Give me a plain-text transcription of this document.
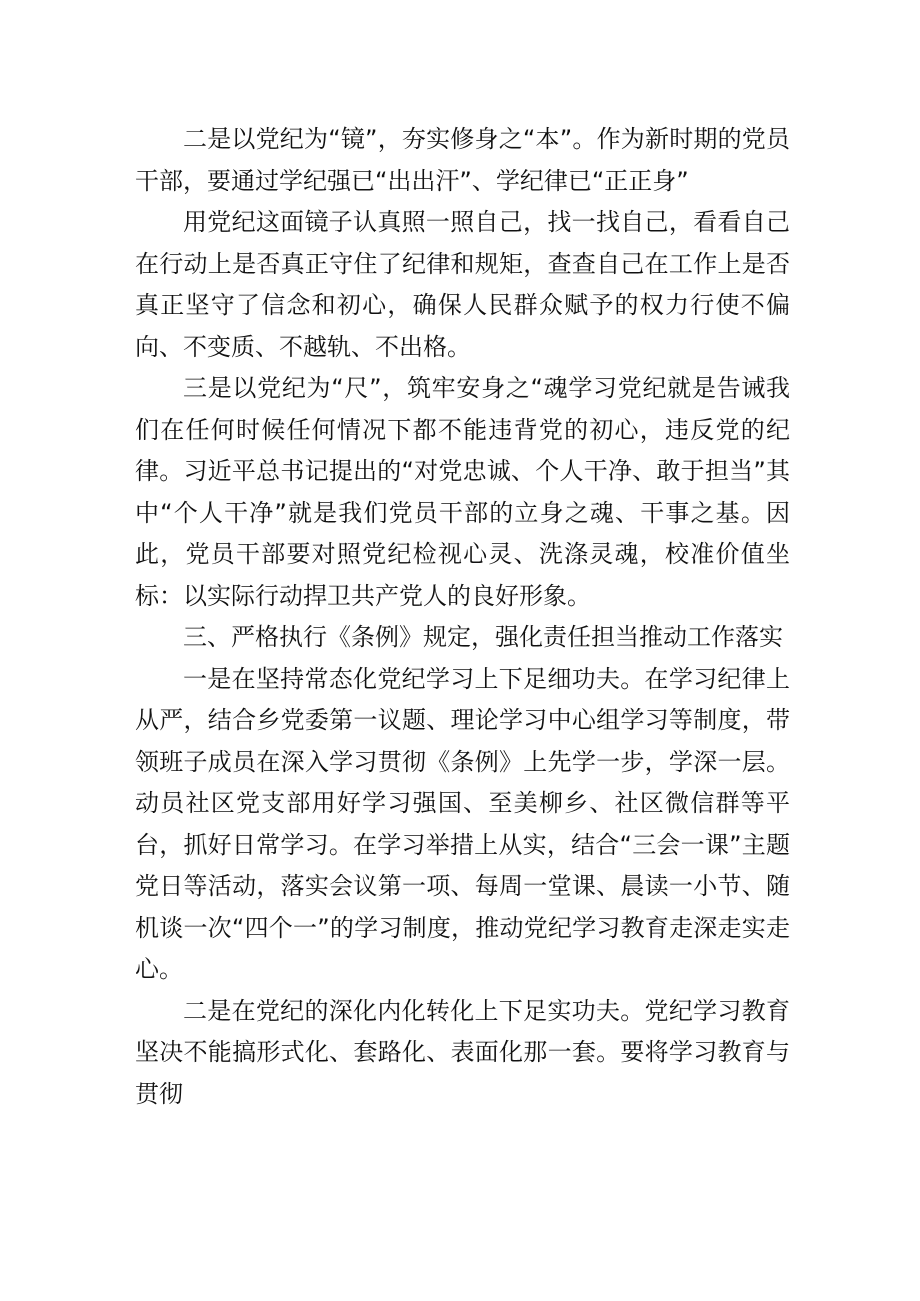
二是以党纪为“镜”，夯实修身之“本”。作为新时期的党员干部，要通过学纪强已“出出汗”、学纪律已“正正身”

用党纪这面镜子认真照一照自己，找一找自己，看看自己在行动上是否真正守住了纪律和规矩，查查自己在工作上是否真正坚守了信念和初心，确保人民群众赋予的权力行使不偏向、不变质、不越轨、不出格。

三是以党纪为“尺”，筑牢安身之“魂学习党纪就是告诫我们在任何时候任何情况下都不能违背党的初心，违反党的纪律。习近平总书记提出的“对党忠诚、个人干净、敢于担当”其中“个人干净”就是我们党员干部的立身之魂、干事之基。因此，党员干部要对照党纪检视心灵、洗涤灵魂，校准价值坐标：以实际行动捍卫共产党人的良好形象。

三、严格执行《条例》规定，强化责任担当推动工作落实

一是在坚持常态化党纪学习上下足细功夫。在学习纪律上从严，结合乡党委第一议题、理论学习中心组学习等制度，带领班子成员在深入学习贯彻《条例》上先学一步，学深一层。动员社区党支部用好学习强国、至美柳乡、社区微信群等平台，抓好日常学习。在学习举措上从实，结合“三会一课”主题党日等活动，落实会议第一项、每周一堂课、晨读一小节、随机谈一次“四个一”的学习制度，推动党纪学习教育走深走实走心。

二是在党纪的深化内化转化上下足实功夫。党纪学习教育坚决不能搞形式化、套路化、表面化那一套。要将学习教育与贯彻
